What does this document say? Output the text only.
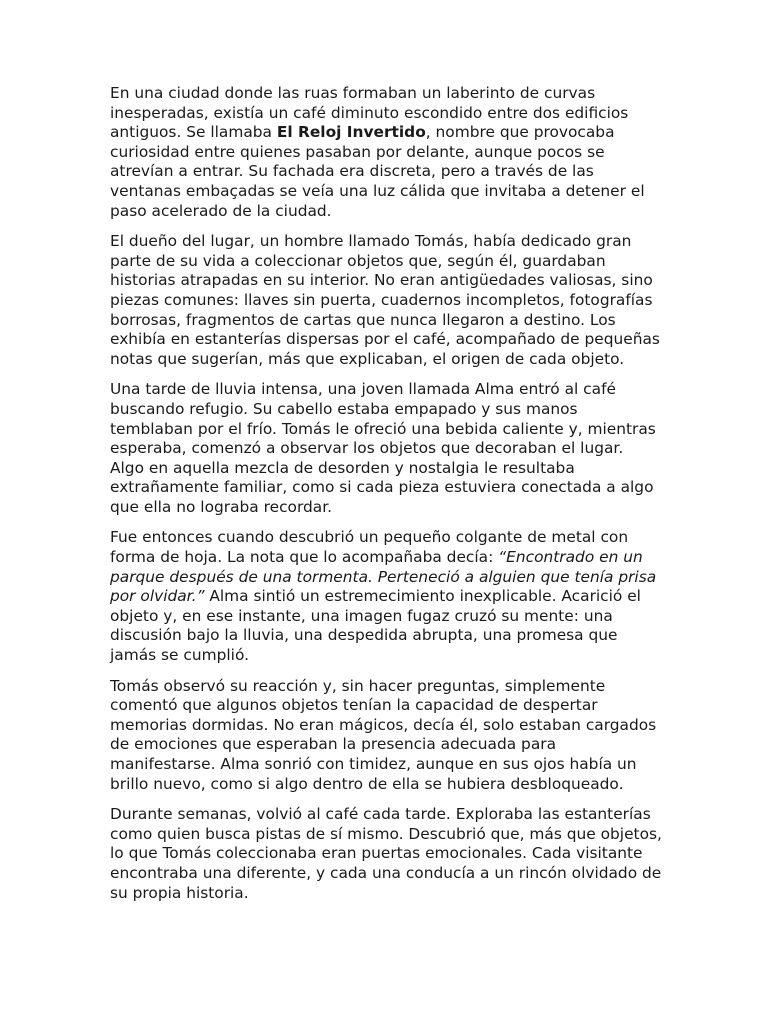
En una ciudad donde las ruas formaban un laberinto de curvas inesperadas, existía un café diminuto escondido entre dos edificios antiguos. Se llamaba El Reloj Invertido, nombre que provocaba curiosidad entre quienes pasaban por delante, aunque pocos se atrevían a entrar. Su fachada era discreta, pero a través de las ventanas embaçadas se veía una luz cálida que invitaba a detener el paso acelerado de la ciudad.

El dueño del lugar, un hombre llamado Tomás, había dedicado gran parte de su vida a coleccionar objetos que, según él, guardaban historias atrapadas en su interior. No eran antigüedades valiosas, sino piezas comunes: llaves sin puerta, cuadernos incompletos, fotografías borrosas, fragmentos de cartas que nunca llegaron a destino. Los exhibía en estanterías dispersas por el café, acompañado de pequeñas notas que sugerían, más que explicaban, el origen de cada objeto.

Una tarde de lluvia intensa, una joven llamada Alma entró al café buscando refugio. Su cabello estaba empapado y sus manos temblaban por el frío. Tomás le ofreció una bebida caliente y, mientras esperaba, comenzó a observar los objetos que decoraban el lugar. Algo en aquella mezcla de desorden y nostalgia le resultaba extrañamente familiar, como si cada pieza estuviera conectada a algo que ella no lograba recordar.

Fue entonces cuando descubrió un pequeño colgante de metal con forma de hoja. La nota que lo acompañaba decía: “Encontrado en un parque después de una tormenta. Perteneció a alguien que tenía prisa por olvidar.” Alma sintió un estremecimiento inexplicable. Acarició el objeto y, en ese instante, una imagen fugaz cruzó su mente: una discusión bajo la lluvia, una despedida abrupta, una promesa que jamás se cumplió.

Tomás observó su reacción y, sin hacer preguntas, simplemente comentó que algunos objetos tenían la capacidad de despertar memorias dormidas. No eran mágicos, decía él, solo estaban cargados de emociones que esperaban la presencia adecuada para manifestarse. Alma sonrió con timidez, aunque en sus ojos había un brillo nuevo, como si algo dentro de ella se hubiera desbloqueado.

Durante semanas, volvió al café cada tarde. Exploraba las estanterías como quien busca pistas de sí mismo. Descubrió que, más que objetos, lo que Tomás coleccionaba eran puertas emocionales. Cada visitante encontraba una diferente, y cada una conducía a un rincón olvidado de su propia historia.
